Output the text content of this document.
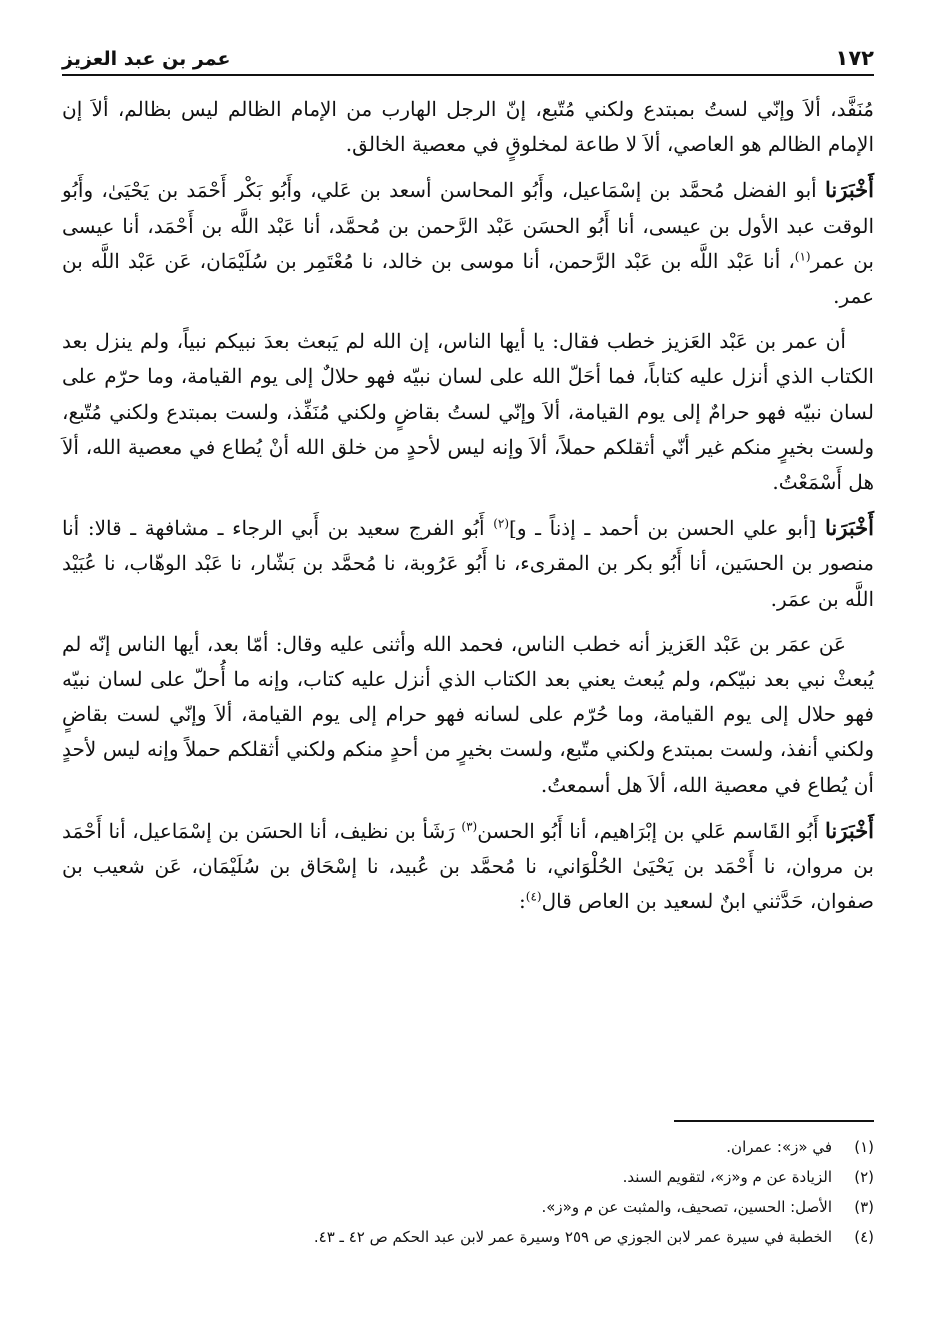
١٧٢
عمر بن عبد العزيز

مُنَفَّد، ألاَ وإنّي لستُ بمبتدع ولكني مُتّبع، إنّ الرجل الهارب من الإمام الظالم ليس بظالم، ألاَ إن الإمام الظالم هو العاصي، ألاَ لا طاعة لمخلوقٍ في معصية الخالق.

أَخْبَرَنا أبو الفضل مُحمَّد بن إسْمَاعيل، وأَبُو المحاسن أسعد بن عَلي، وأَبُو بَكْر أَحْمَد بن يَحْيَىٰ، وأَبُو الوقت عبد الأول بن عيسى، أنا أَبُو الحسَن عَبْد الرَّحمن بن مُحمَّد، أنا عَبْد اللَّه بن أَحْمَد، أنا عيسى بن عمر$^{(١)}$، أنا عَبْد اللَّه بن عَبْد الرَّحمن، أنا موسى بن خالد، نا مُعْتَمِر بن سُلَيْمَان، عَن عَبْد اللَّه بن عمر.

أن عمر بن عَبْد العَزيز خطب فقال: يا أيها الناس، إن الله لم يَبعث بعدَ نبيكم نبياً، ولم ينزل بعد الكتاب الذي أنزل عليه كتاباً، فما أحَلّ الله على لسان نبيّه فهو حلالٌ إلى يوم القيامة، وما حرّم على لسان نبيّه فهو حرامٌ إلى يوم القيامة، ألاَ وإنّي لستُ بقاضٍ ولكني مُنَفِّذ، ولست بمبتدع ولكني مُتّبع، ولست بخيرٍ منكم غير أنّي أثقلكم حملاً، ألاَ وإنه ليس لأحدٍ من خلق الله أنْ يُطاع في معصية الله، ألاَ هل أَسْمَعْتُ.

أَخْبَرَنا [أبو علي الحسن بن أحمد ـ إذناً ـ و]$^{(٢)}$ أَبُو الفرج سعيد بن أَبي الرجاء ـ مشافهة ـ قالا: أنا منصور بن الحسَين، أنا أَبُو بكر بن المقرىء، نا أَبُو عَرُوبة، نا مُحمَّد بن بَشّار، نا عَبْد الوهّاب، نا عُبَيْد اللَّه بن عمَر.

عَن عمَر بن عَبْد العَزيز أنه خطب الناس، فحمد الله وأثنى عليه وقال: أمّا بعد، أيها الناس إنّه لم يُبعثْ نبي بعد نبيّكم، ولم يُبعث يعني بعد الكتاب الذي أنزل عليه كتاب، وإنه ما أُحلّ على لسان نبيّه فهو حلال إلى يوم القيامة، وما حُرّم على لسانه فهو حرام إلى يوم القيامة، ألاَ وإنّي لست بقاضٍ ولكني أنفذ، ولست بمبتدع ولكني متّبع، ولست بخيرٍ من أحدٍ منكم ولكني أثقلكم حملاً وإنه ليس لأحدٍ أن يُطاع في معصية الله، ألاَ هل أسمعتُ.

أَخْبَرَنا أَبُو القَاسم عَلي بن إبْرَاهيم، أنا أَبُو الحسن$^{(٣)}$ رَشَأ بن نظيف، أنا الحسَن بن إسْمَاعيل، أنا أَحْمَد بن مروان، نا أَحْمَد بن يَحْيَىٰ الحُلْوَاني، نا مُحمَّد بن عُبيد، نا إسْحَاق بن سُلَيْمَان، عَن شعيب بن صفوان، حَدَّثني ابنٌ لسعيد بن العاص قال$^{(٤)}$:

(١)
في «ز»: عمران.
(٢)
الزيادة عن م و«ز»، لتقويم السند.
(٣)
الأصل: الحسين، تصحيف، والمثبت عن م و«ز».
(٤)
الخطبة في سيرة عمر لابن الجوزي ص ٢٥٩ وسيرة عمر لابن عبد الحكم ص ٤٢ ـ ٤٣.
